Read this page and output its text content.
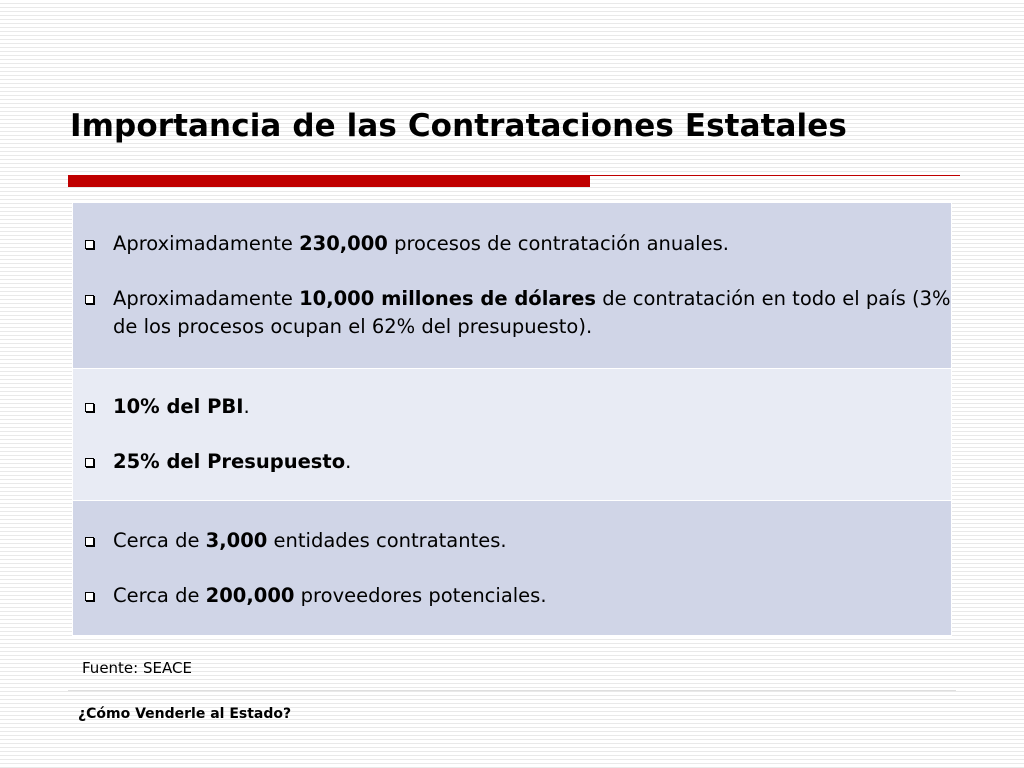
Importancia de las Contrataciones Estatales
Aproximadamente 230,000 procesos de contratación anuales.
Aproximadamente 10,000 millones de dólares de contratación en todo el país (3% de los procesos ocupan el 62% del presupuesto).

10% del PBI.
25% del Presupuesto.

Cerca de 3,000 entidades contratantes.
Cerca de 200,000 proveedores potenciales.
Fuente: SEACE
¿Cómo Venderle al Estado?
